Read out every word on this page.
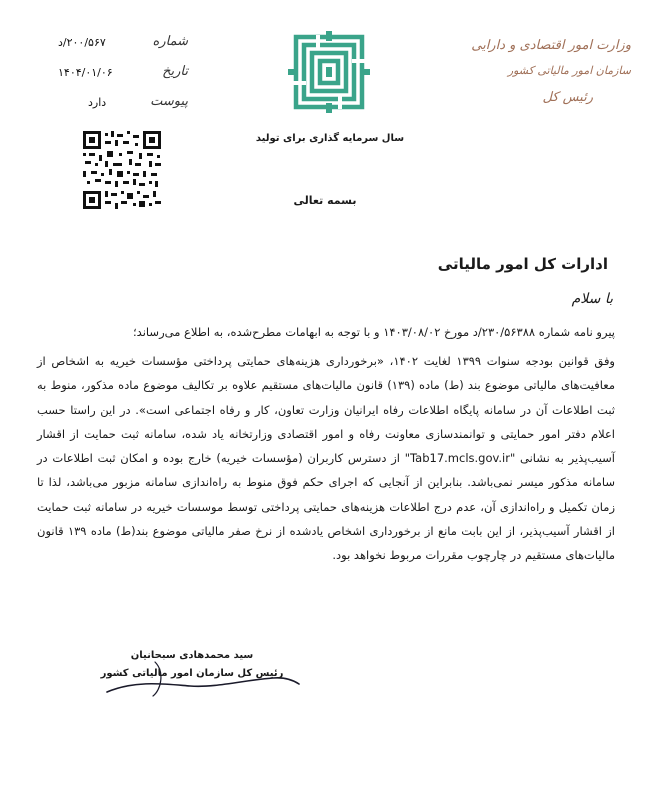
وزارت امور اقتصادی و دارایی
سازمان امور مالیاتی کشور
رئیس کل
شماره
۲۰۰/۵۶۷/د
تاریخ
۱۴۰۴/۰۱/۰۶
پیوست
دارد
سال سرمایه گذاری برای تولید
بسمه تعالی
ادارات کل امور مالیاتی
با سلام
پیرو نامه شماره ۲۳۰/۵۶۳۸۸/د مورخ ۱۴۰۳/۰۸/۰۲ و با توجه به ابهامات مطرح‌شده، به اطلاع می‌رساند؛
وفق قوانین بودجه سنوات ۱۳۹۹ لغایت ۱۴۰۲، «برخورداری هزینه‌های حمایتی پرداختی مؤسسات خیریه به اشخاص از معافیت‌های مالیاتی موضوع بند (ط) ماده (۱۳۹) قانون مالیات‌های مستقیم علاوه بر تکالیف موضوع ماده مذکور، منوط به ثبت اطلاعات آن در سامانه پایگاه اطلاعات رفاه ایرانیان وزارت تعاون، کار و رفاه اجتماعی است». در این راستا حسب اعلام دفتر امور حمایتی و توانمندسازی معاونت رفاه و امور اقتصادی وزارتخانه یاد شده، سامانه ثبت حمایت از اقشار آسیب‌پذیر به نشانی "Tab17.mcls.gov.ir" از دسترس کاربران (مؤسسات خیریه) خارج بوده و امکان ثبت اطلاعات در سامانه مذکور میسر نمی‌باشد. بنابراین از آنجایی که اجرای حکم فوق منوط به راه‌اندازی سامانه مزبور می‌باشد، لذا تا زمان تکمیل و راه‌اندازی آن، عدم درج اطلاعات هزینه‌های حمایتی پرداختی توسط موسسات خیریه در سامانه ثبت حمایت از اقشار آسیب‌پذیر، از این بابت مانع از برخورداری اشخاص یادشده از نرخ صفر مالیاتی موضوع بند(ط) ماده ۱۳۹ قانون مالیات‌های مستقیم در چارچوب مقررات مربوط نخواهد بود.
سید محمدهادی سبحانیان
رئیس کل سازمان امور مالیاتی کشور
